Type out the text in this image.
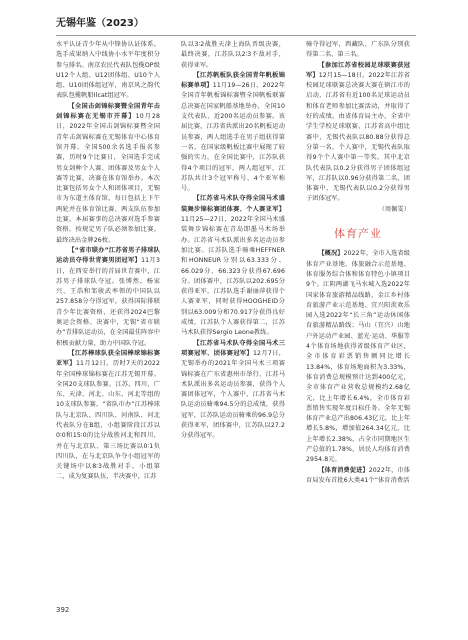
无锡年鉴（2023）

水平认证青少年从中锋协认证体系。选手成果纳入中线协小水平年度积分参与排名。南京农民代表队包揽OP级U12个人组、U12团体组、U10个人组、U10团体组冠军，南京风之韵代表队包揽帆船Ilcat组冠军。

【全国击剑锦标赛暨全国青年击剑锦标赛在无锡市开幕】10月28日，2022年全国击剑锦标赛暨全国青年击剑锦标赛在无锡体育中心体育馆开幕。全国500余名选手报名参赛，历时9个比赛日，全国选手完成男女剑种个人赛、团体赛及男女个人赛等比赛，决赛在体育馆举办。本次比赛包括男女个人和团体项目，无锡市为东道主体育馆，每日包括上下午两轮并在体育馆比赛、两支队伍参加比赛。本届赛事的总决赛对选手参赛资格，按规定男子队必须参加比赛。最终决出金牌26枚。

【“省市联办”江苏省男子排球队运动员夺得世青赛男团冠军】11月3日，在西安举行的首届世青赛中，江苏男子排球队夺冠。张博然、杨家兴、王浩和邹骏武率领的中国队以257.858分夺得冠军，获得国际排联青少年比赛资格，还获得2024巴黎奥运会资格。决赛中，无锡“省市联办”青排队运动员，在全国最佳阵容中积极贡献力量，助力中国队夺冠。

【江苏棒球队获全国棒球锦标赛亚军】11月12日，历时7天的2022年全国棒球锦标赛在江苏无锡开幕。全国20支球队参赛。江苏、四川、广东、天津、河北、山东、河北等组的10支球队参赛，“省队市办”江苏棒球队与北京队、四川队、河南队、河北代表队分在B组，小组赛阶段江苏以0∶0和15∶0的比分战胜河北和四川，并在与北京队、第三场比赛以0∶1负四川队，在与北京队争夺小组冠军的关键场中以8∶3战胜对手，小组第二，成为复赛队伍，半决赛中，江苏

队以3∶2战胜天津上海队晋级决赛，最终决赛，江苏队以2∶3不敌对手，获得亚军。

【江苏帆板队获全国青年帆板锦标赛单项】11月19—26日，2022年全国青年帆板锦标赛暨全国帆板联赛总决赛在国家帆船基地举办，全国10支代表队、近200名运动员参赛。该届比赛，江苏省共派出20名帆板运动员参赛，两人组选手在男子组获得第一名，在国家级帆板比赛中展现了较强的实力，在全国比赛中，江苏队获得4个项目的冠军，两人组冠军，江苏队共计3个冠军称号、4个亚军称号。

【江苏省马术队夺得全国马术盛装舞步锦标赛团体赛、个人赛亚军】11月25—27日，2022年全国马术盛装舞步锦标赛在青岛即墨马术场举办。江苏省马术队派出多名运动员参加比赛。江苏队选手骑乘HEFFNER和HONNEUR分别以63.333分、66.029分、66.323分获得67.696分。团体赛中，江苏队以202.695分获得亚军，江苏队选手谢丽萍获得个人赛亚军，同时获得HOOGHEID分别以63.009分和70.917分获得良好成绩，江苏队个人赛获得第二，江苏马术队获得Sergio Leone教练。

【江苏省马术队夺得全国马术三项赛冠军、团体赛冠军】12月7日，无锡举办的2021年全国马术三项赛锦标赛在广东省惠州市举行，江苏马术队派出多名运动员参赛，获得个人赛团体冠军，个人赛中，江苏省马术队运动员骑乘94.5分的总成绩，获得冠军，江苏队运动员骑乘的96.9总分获得亚军，团体赛中，江苏队以27.2分获得冠军。

骑夺得冠军，西藏队、广东队分别获得第二名、第三名。

【参加江苏省校园足球联赛获冠军】12月15—18日，2022年江苏省校园足球联赛总决赛大赛在镇江市的启动，江苏省有近100名足球运动员和体育老师参加比赛活动，并取得了好的成绩。由省体育局主办，全省中学生学校足球联赛，江苏省高中组比赛中，无锡代表队以80.88分获得总分第一名，个人赛中，无锡代表队取得9个个人赛中第一等奖，其中北京队代表队以0.2分获得男子团体组冠军，江苏队以0.96分获得第二名，团体赛中，无锡代表队以0.2分获得男子团体冠军。

（周佩雯）

体育产业

【概况】2022年，全市入选省级体育产业基地、体旅融合示范基地、体育服务综合体和体育特色小镇项目9个。江阴两湖飞马水城入选2022年国家体育旅游精品线路，金江乡村体育旅游产业示范基地、宜兴阳羡欢乐园入选2022年“长三角”运动休闲体育旅游精品路线；马山（宜兴）山地户外运动产业园、蓝光·运动、华服等4个体育场地获得省级体育产业区，全市体育彩票销售额同比增长13.84%，体育场地面积为3.33%，体育消费总规模预计达到400亿元，全市体育产业营收总规模约2.68亿元，比上年增长6.4%，全市体育彩票销售实现年度目标任务。全年无锡体育产业总产出806.43亿元，比上年增长5.8%，增加值264.34亿元，比上年增长2.38%，占全市同期地区生产总值的1.78%，居民人均体育消费2954.8元。

【体育消费促进】2022年，市体育局发布首批6大类41个“体育消费活

392
